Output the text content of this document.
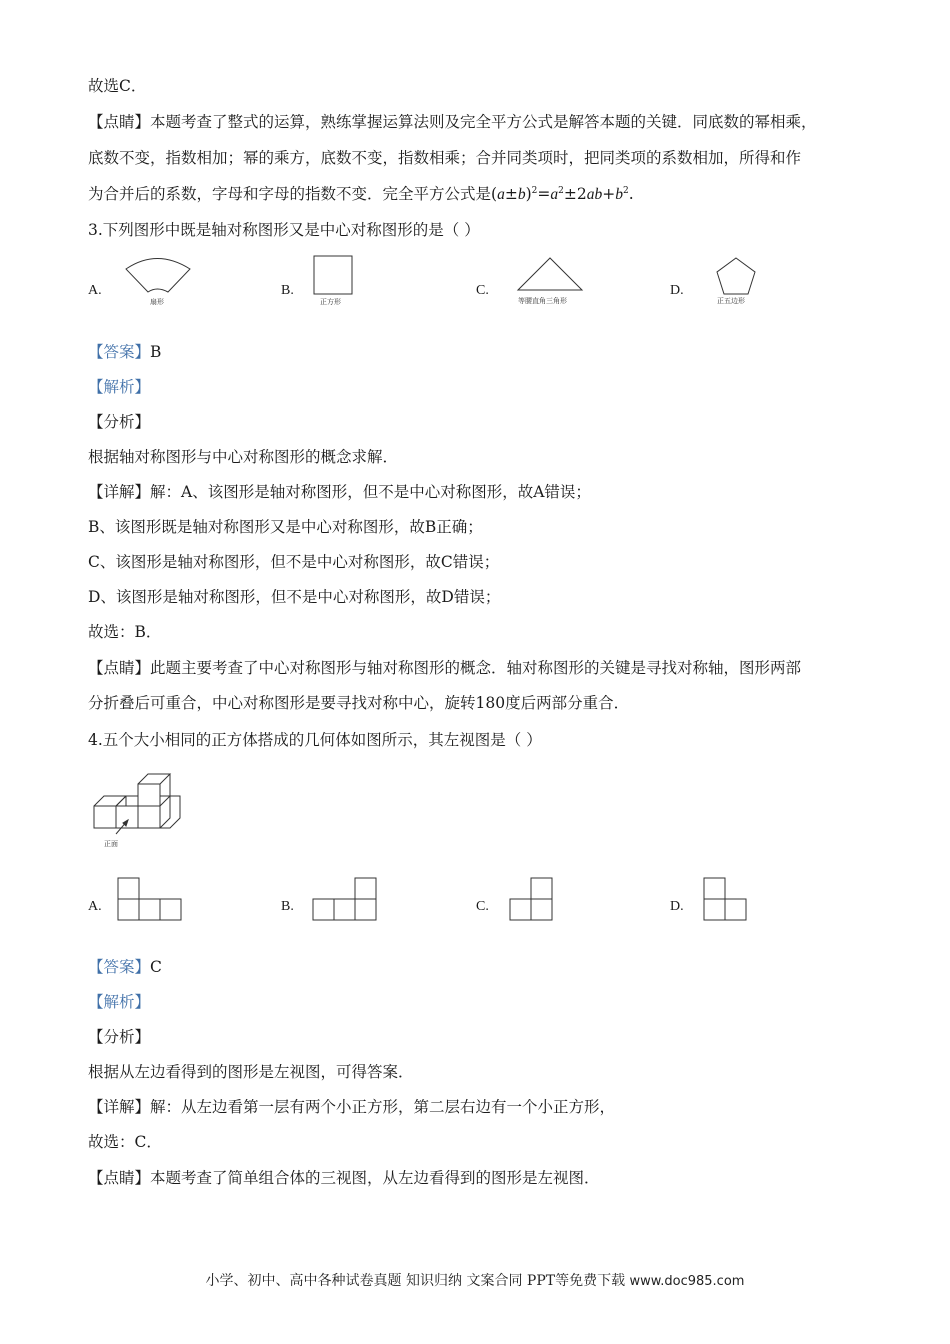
故选C．
【点睛】本题考查了整式的运算，熟练掌握运算法则及完全平方公式是解答本题的关键．同底数的幂相乘，
底数不变，指数相加；幂的乘方，底数不变，指数相乘；合并同类项时，把同类项的系数相加，所得和作
为合并后的系数，字母和字母的指数不变．完全平方公式是$(a\pm b)^2=a^2\pm 2ab+b^2$.
3.下列图形中既是轴对称图形又是中心对称图形的是（ ）
A.
扇形
B.
正方形
C.
等腰直角三角形
D.
正五边形
【答案】B
【解析】
【分析】
根据轴对称图形与中心对称图形的概念求解．
【详解】解：A、该图形是轴对称图形，但不是中心对称图形，故A错误；
B、该图形既是轴对称图形又是中心对称图形，故B正确；
C、该图形是轴对称图形，但不是中心对称图形，故C错误；
D、该图形是轴对称图形，但不是中心对称图形，故D错误；
故选：B．
【点睛】此题主要考查了中心对称图形与轴对称图形的概念．轴对称图形的关键是寻找对称轴，图形两部
分折叠后可重合，中心对称图形是要寻找对称中心，旋转180度后两部分重合．
4.五个大小相同的正方体搭成的几何体如图所示，其左视图是（ ）
正面
A.	B.	C.	D.
【答案】C
【解析】
【分析】
根据从左边看得到的图形是左视图，可得答案．
【详解】解：从左边看第一层有两个小正方形，第二层右边有一个小正方形，
故选：C．
【点睛】本题考查了简单组合体的三视图，从左边看得到的图形是左视图．
小学、初中、高中各种试卷真题 知识归纳 文案合同 PPT等免费下载 www.doc985.com
